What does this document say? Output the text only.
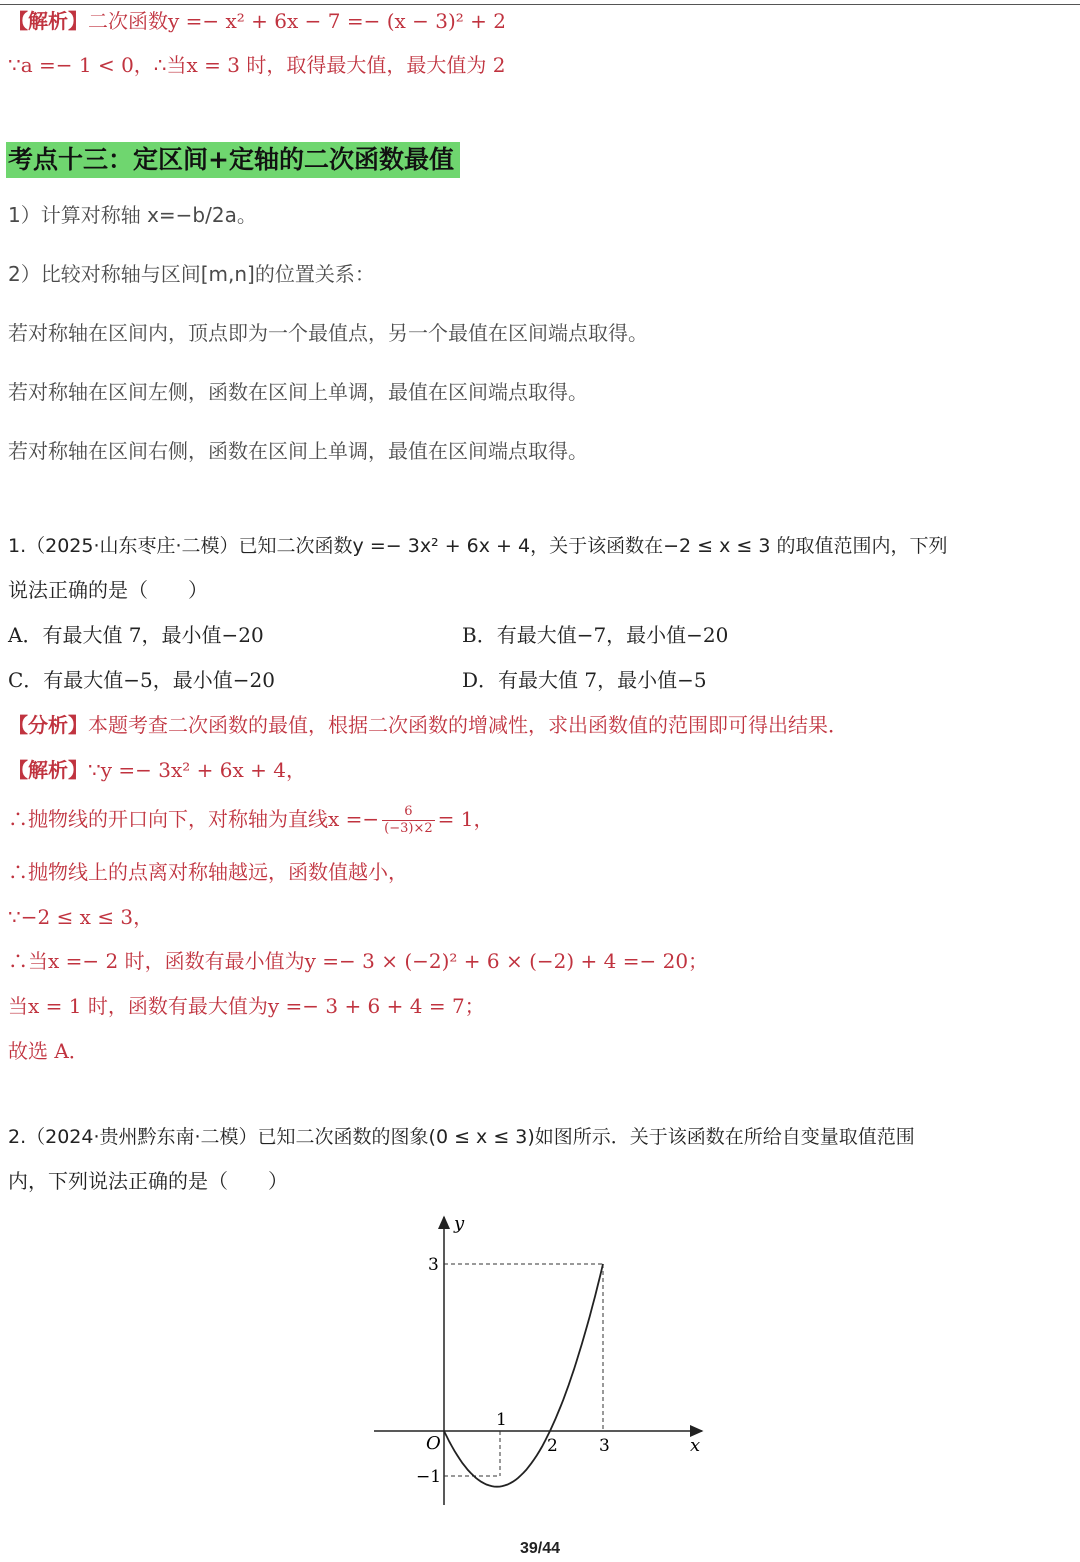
【解析】二次函数y =− x² + 6x − 7 =− (x − 3)² + 2
∵a =− 1 < 0，∴当x = 3 时，取得最大值，最大值为 2
考点十三：定区间+定轴的二次函数最值
1）计算对称轴 x=−b/2a。
2）比较对称轴与区间[m,n]的位置关系：
若对称轴在区间内，顶点即为一个最值点，另一个最值在区间端点取得。
若对称轴在区间左侧，函数在区间上单调，最值在区间端点取得。
若对称轴在区间右侧，函数在区间上单调，最值在区间端点取得。
1.（2025·山东枣庄·二模）已知二次函数y =− 3x² + 6x + 4，关于该函数在−2 ≤ x ≤ 3 的取值范围内，下列
说法正确的是（　　）
A．有最大值 7，最小值−20	B．有最大值−7，最小值−20
C．有最大值−5，最小值−20	D．有最大值 7，最小值−5
【分析】本题考查二次函数的最值，根据二次函数的增减性，求出函数值的范围即可得出结果．
【解析】∵y =− 3x² + 6x + 4，
∴抛物线的开口向下，对称轴为直线$x =- \frac{6}{(-3)\times 2} = 1$，
∴抛物线上的点离对称轴越远，函数值越小，
∵−2 ≤ x ≤ 3，
∴当x =− 2 时，函数有最小值为y =− 3 × (−2)² + 6 × (−2) + 4 =− 20；
当x = 1 时，函数有最大值为y =− 3 + 6 + 4 = 7；
故选 A．
2.（2024·贵州黔东南·二模）已知二次函数的图象(0 ≤ x ≤ 3)如图所示．关于该函数在所给自变量取值范围
内，下列说法正确的是（　　）
y
x
O
1
2 3
3
−1
39/44
